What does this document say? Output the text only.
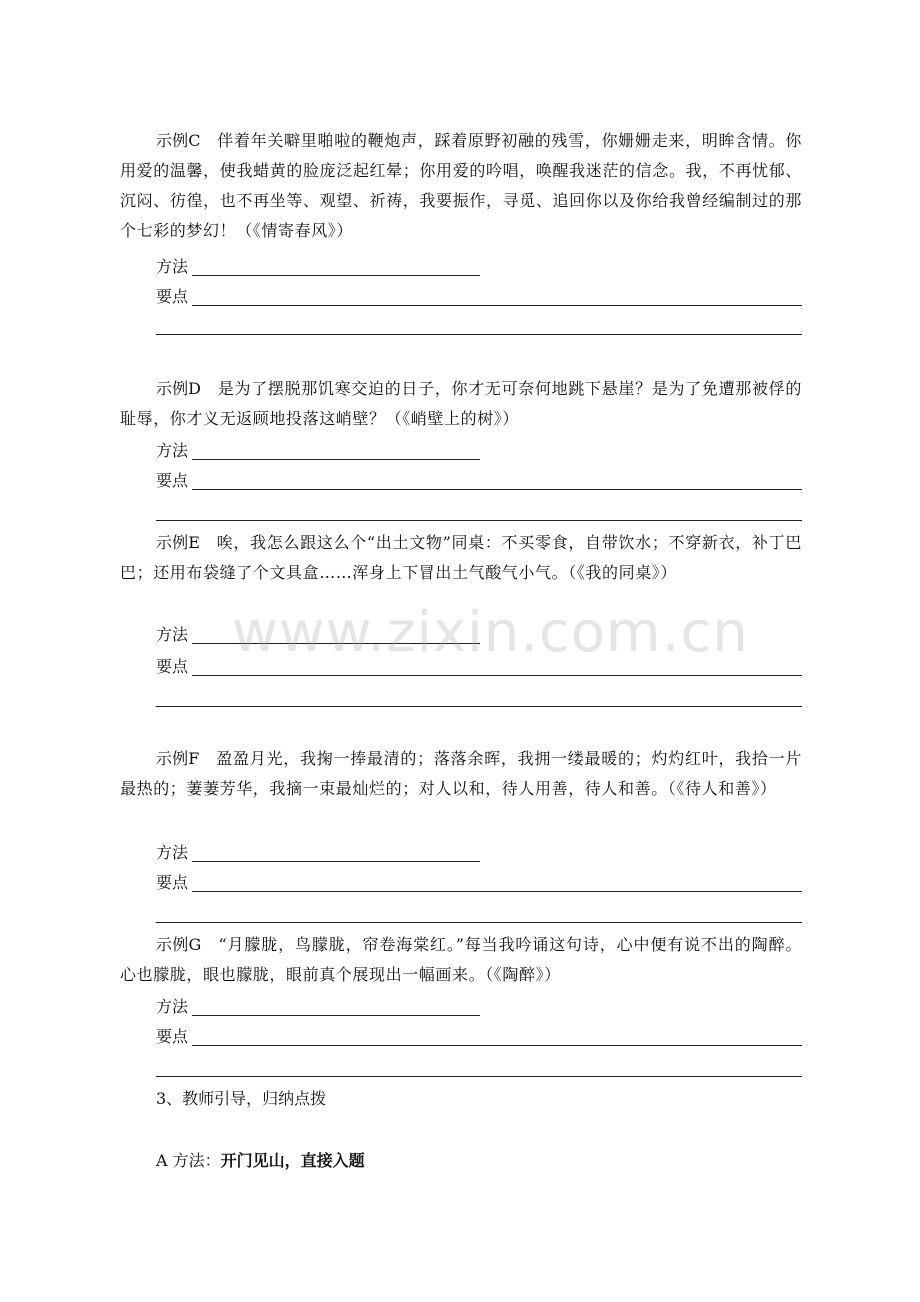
示例C　 伴着年关噼里啪啦的鞭炮声，踩着原野初融的残雪，你姗姗走来，明眸含情。你用爱的温馨，使我蜡黄的脸庞泛起红晕；你用爱的吟唱，唤醒我迷茫的信念。我，不再忧郁、沉闷、彷徨，也不再坐等、观望、祈祷，我要振作，寻觅、追回你以及你给我曾经编制过的那个七彩的梦幻！（《情寄春风》）

方法
要点

示例D　 是为了摆脱那饥寒交迫的日子，你才无可奈何地跳下悬崖？是为了免遭那被俘的耻辱，你才义无返顾地投落这峭壁？（《峭壁上的树》）

方法
要点

示例E　 唉，我怎么跟这么个“出土文物”同桌：不买零食，自带饮水；不穿新衣，补丁巴巴；还用布袋缝了个文具盒……浑身上下冒出土气酸气小气。（《我的同桌》）

方法
要点

示例F　 盈盈月光，我掬一捧最清的；落落余晖，我拥一缕最暖的；灼灼红叶，我拾一片最热的；萋萋芳华，我摘一束最灿烂的；对人以和，待人用善，待人和善。（《待人和善》）

方法
要点

示例G　 “月朦胧，鸟朦胧，帘卷海棠红。”每当我吟诵这句诗，心中便有说不出的陶醉。心也朦胧，眼也朦胧，眼前真个展现出一幅画来。（《陶醉》）

方法
要点
3、教师引导，归纳点拨
A 方法：开门见山，直接入题
www.zixin.com.cn
